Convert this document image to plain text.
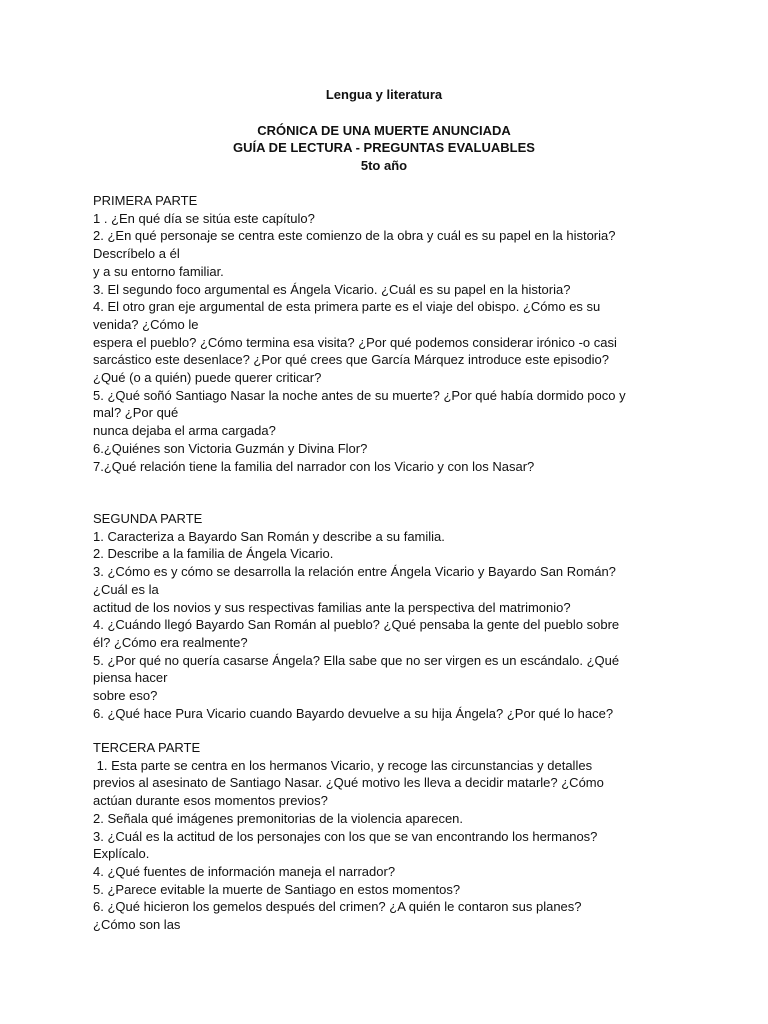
Lengua y literatura
CRÓNICA DE UNA MUERTE ANUNCIADA
GUÍA DE LECTURA - PREGUNTAS EVALUABLES
5to año
PRIMERA PARTE
1 . ¿En qué día se sitúa este capítulo?
2. ¿En qué personaje se centra este comienzo de la obra y cuál es su papel en la historia?
Descríbelo a él
y a su entorno familiar.
3. El segundo foco argumental es Ángela Vicario. ¿Cuál es su papel en la historia?
4. El otro gran eje argumental de esta primera parte es el viaje del obispo. ¿Cómo es su
venida? ¿Cómo le
espera el pueblo? ¿Cómo termina esa visita? ¿Por qué podemos considerar irónico -o casi
sarcástico este desenlace? ¿Por qué crees que García Márquez introduce este episodio?
¿Qué (o a quién) puede querer criticar?
5. ¿Qué soñó Santiago Nasar la noche antes de su muerte? ¿Por qué había dormido poco y
mal? ¿Por qué
nunca dejaba el arma cargada?
6.¿Quiénes son Victoria Guzmán y Divina Flor?
7.¿Qué relación tiene la familia del narrador con los Vicario y con los Nasar?
SEGUNDA PARTE
1. Caracteriza a Bayardo San Román y describe a su familia.
2. Describe a la familia de Ángela Vicario.
3. ¿Cómo es y cómo se desarrolla la relación entre Ángela Vicario y Bayardo San Román?
¿Cuál es la
actitud de los novios y sus respectivas familias ante la perspectiva del matrimonio?
4. ¿Cuándo llegó Bayardo San Román al pueblo? ¿Qué pensaba la gente del pueblo sobre
él? ¿Cómo era realmente?
5. ¿Por qué no quería casarse Ángela? Ella sabe que no ser virgen es un escándalo. ¿Qué
piensa hacer
sobre eso?
6. ¿Qué hace Pura Vicario cuando Bayardo devuelve a su hija Ángela? ¿Por qué lo hace?
TERCERA PARTE
1. Esta parte se centra en los hermanos Vicario, y recoge las circunstancias y detalles
previos al asesinato de Santiago Nasar. ¿Qué motivo les lleva a decidir matarle? ¿Cómo
actúan durante esos momentos previos?
2. Señala qué imágenes premonitorias de la violencia aparecen.
3. ¿Cuál es la actitud de los personajes con los que se van encontrando los hermanos?
Explícalo.
4. ¿Qué fuentes de información maneja el narrador?
5. ¿Parece evitable la muerte de Santiago en estos momentos?
6. ¿Qué hicieron los gemelos después del crimen? ¿A quién le contaron sus planes?
¿Cómo son las
